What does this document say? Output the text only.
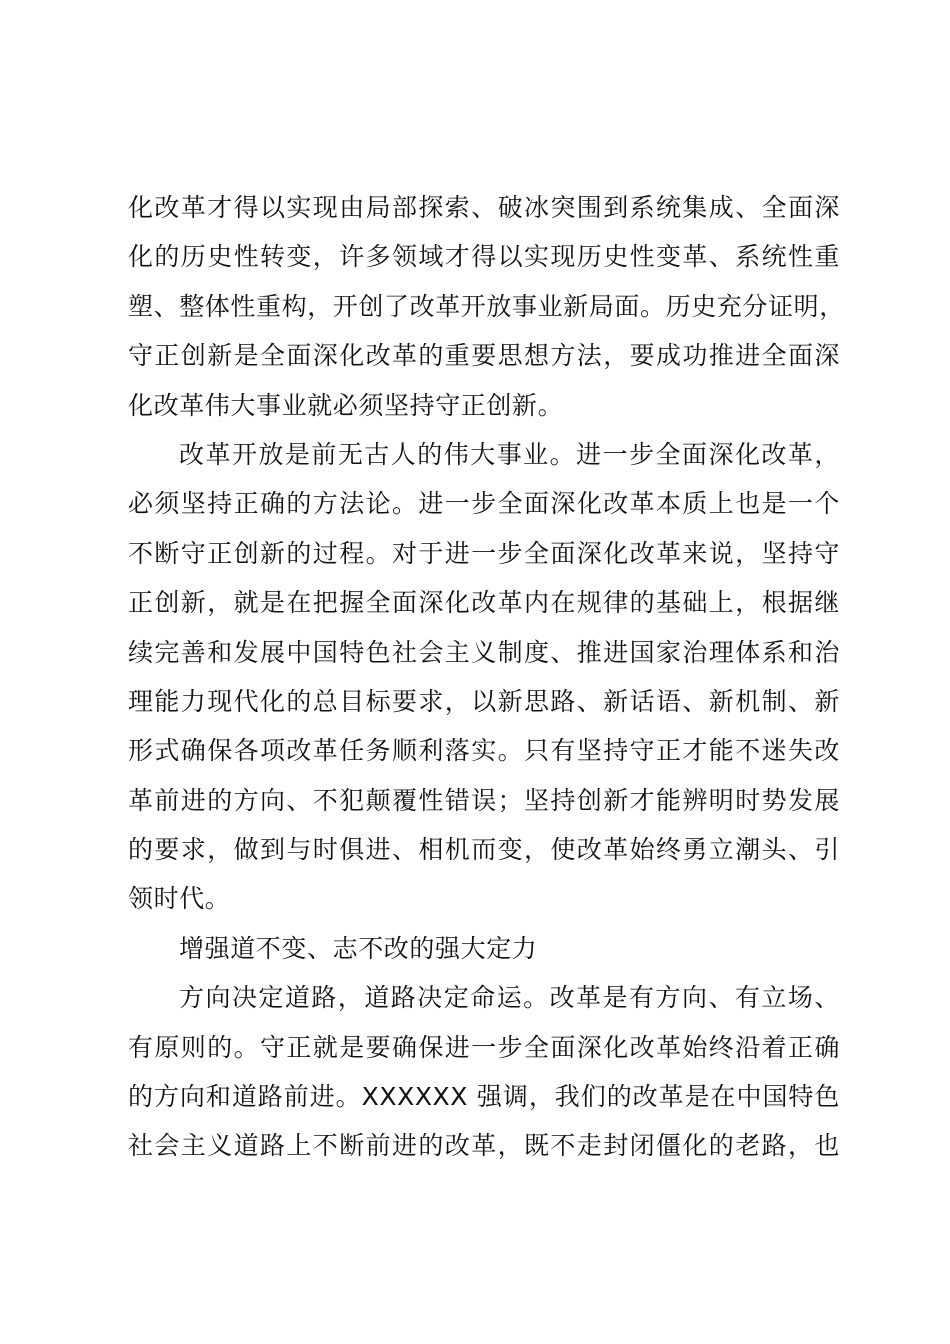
化改革才得以实现由局部探索、破冰突围到系统集成、全面深
化的历史性转变，许多领域才得以实现历史性变革、系统性重
塑、整体性重构，开创了改革开放事业新局面。历史充分证明，
守正创新是全面深化改革的重要思想方法，要成功推进全面深
化改革伟大事业就必须坚持守正创新。
改革开放是前无古人的伟大事业。进一步全面深化改革，
必须坚持正确的方法论。进一步全面深化改革本质上也是一个
不断守正创新的过程。对于进一步全面深化改革来说，坚持守
正创新，就是在把握全面深化改革内在规律的基础上，根据继
续完善和发展中国特色社会主义制度、推进国家治理体系和治
理能力现代化的总目标要求，以新思路、新话语、新机制、新
形式确保各项改革任务顺利落实。只有坚持守正才能不迷失改
革前进的方向、不犯颠覆性错误；坚持创新才能辨明时势发展
的要求，做到与时俱进、相机而变，使改革始终勇立潮头、引
领时代。
增强道不变、志不改的强大定力
方向决定道路，道路决定命运。改革是有方向、有立场、
有原则的。守正就是要确保进一步全面深化改革始终沿着正确
的方向和道路前进。XXXXXX 强调，我们的改革是在中国特色
社会主义道路上不断前进的改革，既不走封闭僵化的老路，也
